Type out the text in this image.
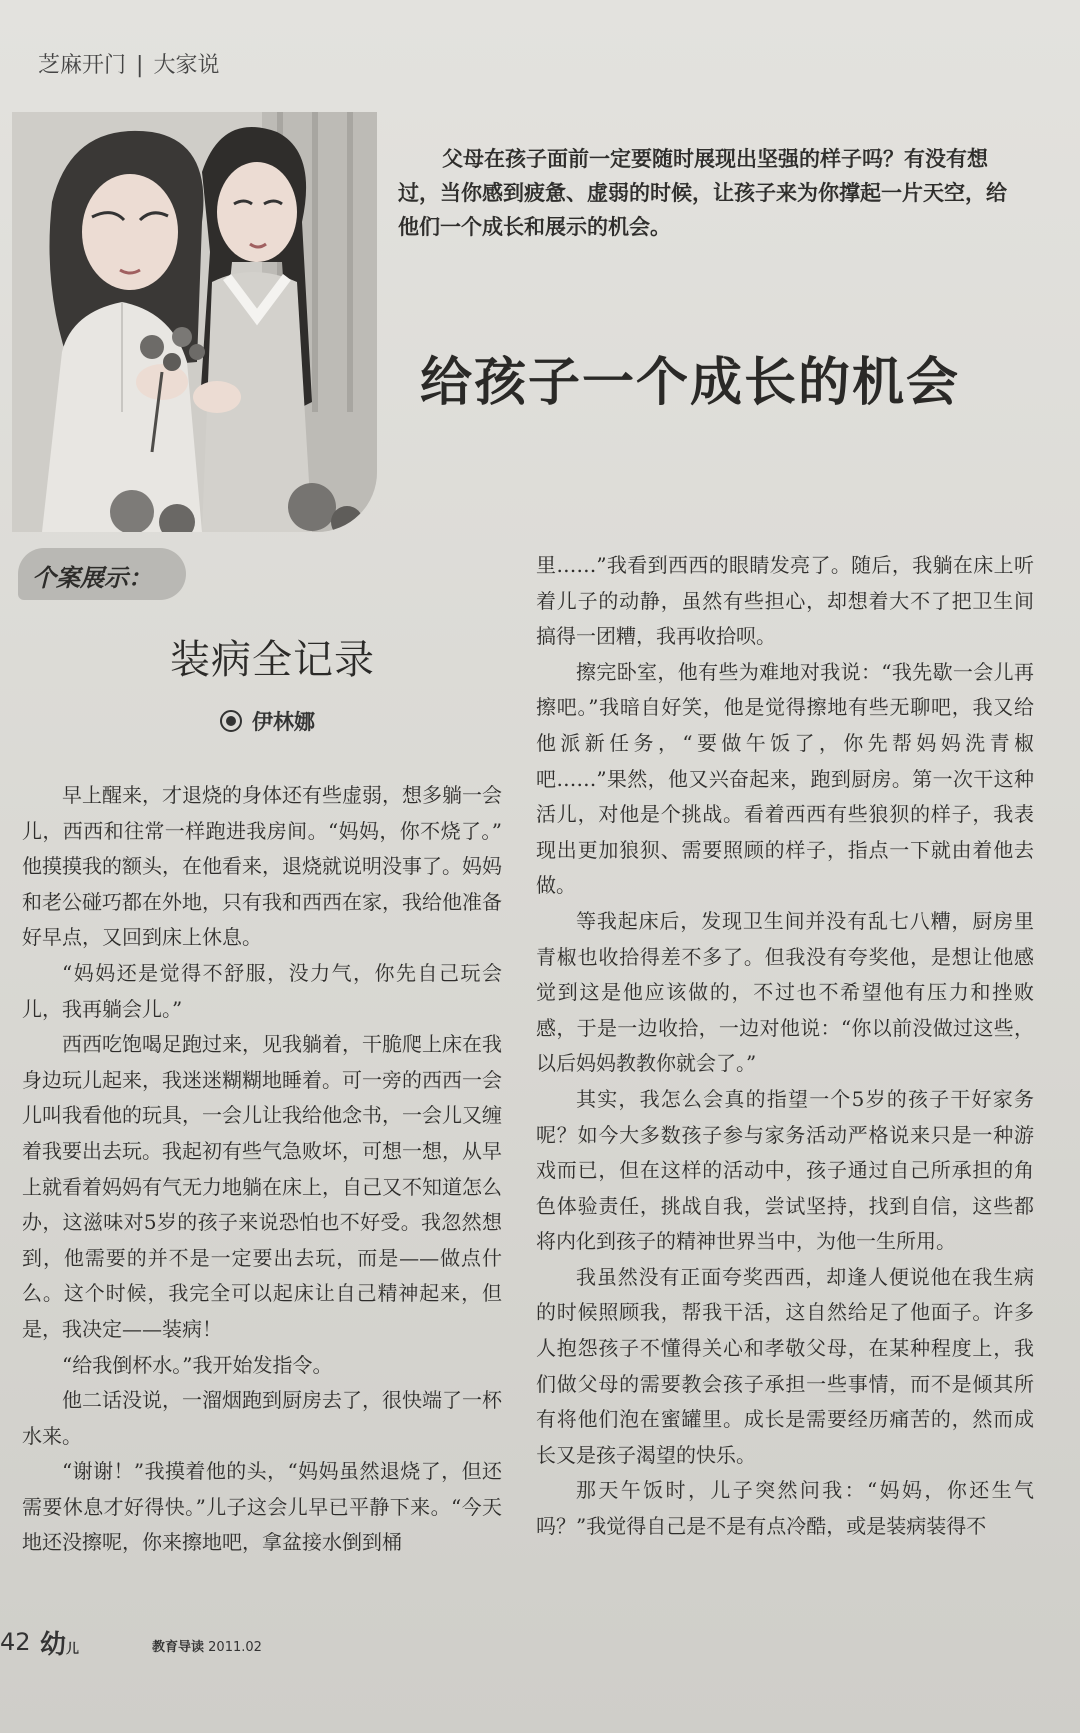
芝麻开门 | 大家说
父母在孩子面前一定要随时展现出坚强的样子吗？有没有想过，当你感到疲惫、虚弱的时候，让孩子来为你撑起一片天空，给他们一个成长和展示的机会。
给孩子一个成长的机会
个案展示：
装病全记录
伊林娜

早上醒来，才退烧的身体还有些虚弱，想多躺一会儿，西西和往常一样跑进我房间。“妈妈，你不烧了。” 他摸摸我的额头，在他看来，退烧就说明没事了。妈妈和老公碰巧都在外地，只有我和西西在家，我给他准备好早点，又回到床上休息。

“妈妈还是觉得不舒服，没力气，你先自己玩会儿，我再躺会儿。”

西西吃饱喝足跑过来，见我躺着，干脆爬上床在我身边玩儿起来，我迷迷糊糊地睡着。可一旁的西西一会儿叫我看他的玩具，一会儿让我给他念书，一会儿又缠着我要出去玩。我起初有些气急败坏，可想一想，从早上就看着妈妈有气无力地躺在床上，自己又不知道怎么办，这滋味对5岁的孩子来说恐怕也不好受。我忽然想到，他需要的并不是一定要出去玩，而是——做点什么。这个时候，我完全可以起床让自己精神起来，但是，我决定——装病！

“给我倒杯水。”我开始发指令。

他二话没说，一溜烟跑到厨房去了，很快端了一杯水来。

“谢谢！”我摸着他的头，“妈妈虽然退烧了，但还需要休息才好得快。”儿子这会儿早已平静下来。“今天地还没擦呢，你来擦地吧，拿盆接水倒到桶

里……”我看到西西的眼睛发亮了。随后，我躺在床上听着儿子的动静，虽然有些担心，却想着大不了把卫生间搞得一团糟，我再收拾呗。

擦完卧室，他有些为难地对我说：“我先歇一会儿再擦吧。”我暗自好笑，他是觉得擦地有些无聊吧，我又给他派新任务，“要做午饭了，你先帮妈妈洗青椒吧……”果然，他又兴奋起来，跑到厨房。第一次干这种活儿，对他是个挑战。看着西西有些狼狈的样子，我表现出更加狼狈、需要照顾的样子，指点一下就由着他去做。

等我起床后，发现卫生间并没有乱七八糟，厨房里青椒也收拾得差不多了。但我没有夸奖他，是想让他感觉到这是他应该做的，不过也不希望他有压力和挫败感，于是一边收拾，一边对他说：“你以前没做过这些，以后妈妈教教你就会了。”

其实，我怎么会真的指望一个5岁的孩子干好家务呢？如今大多数孩子参与家务活动严格说来只是一种游戏而已，但在这样的活动中，孩子通过自己所承担的角色体验责任，挑战自我，尝试坚持，找到自信，这些都将内化到孩子的精神世界当中，为他一生所用。

我虽然没有正面夸奖西西，却逢人便说他在我生病的时候照顾我，帮我干活，这自然给足了他面子。许多人抱怨孩子不懂得关心和孝敬父母，在某种程度上，我们做父母的需要教会孩子承担一些事情，而不是倾其所有将他们泡在蜜罐里。成长是需要经历痛苦的，然而成长又是孩子渴望的快乐。

那天午饭时，儿子突然问我：“妈妈，你还生气吗？”我觉得自己是不是有点冷酷，或是装病装得不

42 幼儿	教育导读 2011.02
